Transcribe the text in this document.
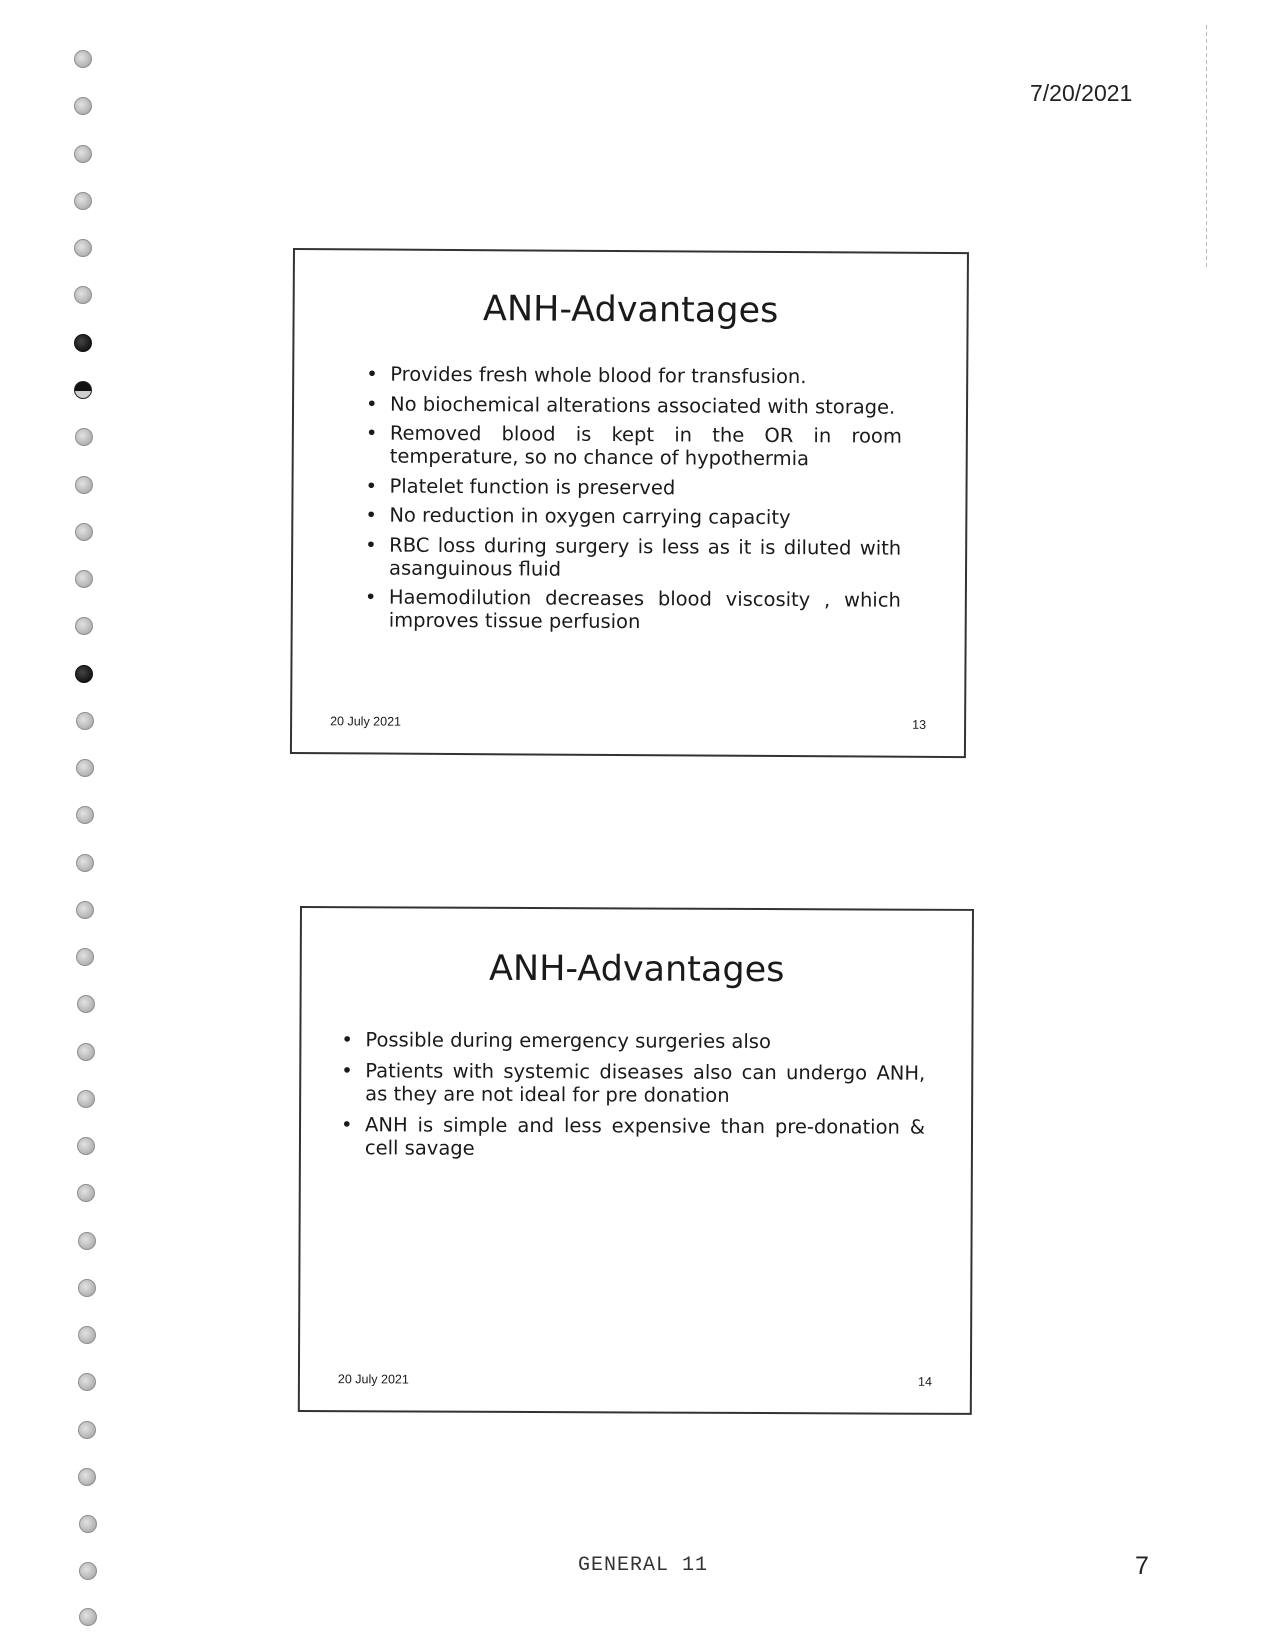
7/20/2021
ANH-Advantages
• Provides fresh whole blood for transfusion.
• No biochemical alterations associated with storage.
• Removed blood is kept in the OR in room temperature, so no chance of hypothermia
• Platelet function is preserved
• No reduction in oxygen carrying capacity
• RBC loss during surgery is less as it is diluted with asanguinous fluid
• Haemodilution decreases blood viscosity , which improves tissue perfusion
20 July 2021	13
ANH-Advantages
• Possible during emergency surgeries also
• Patients with systemic diseases also can undergo ANH, as they are not ideal for pre donation
• ANH is simple and less expensive than pre-donation & cell savage
20 July 2021	14
GENERAL 11	7
